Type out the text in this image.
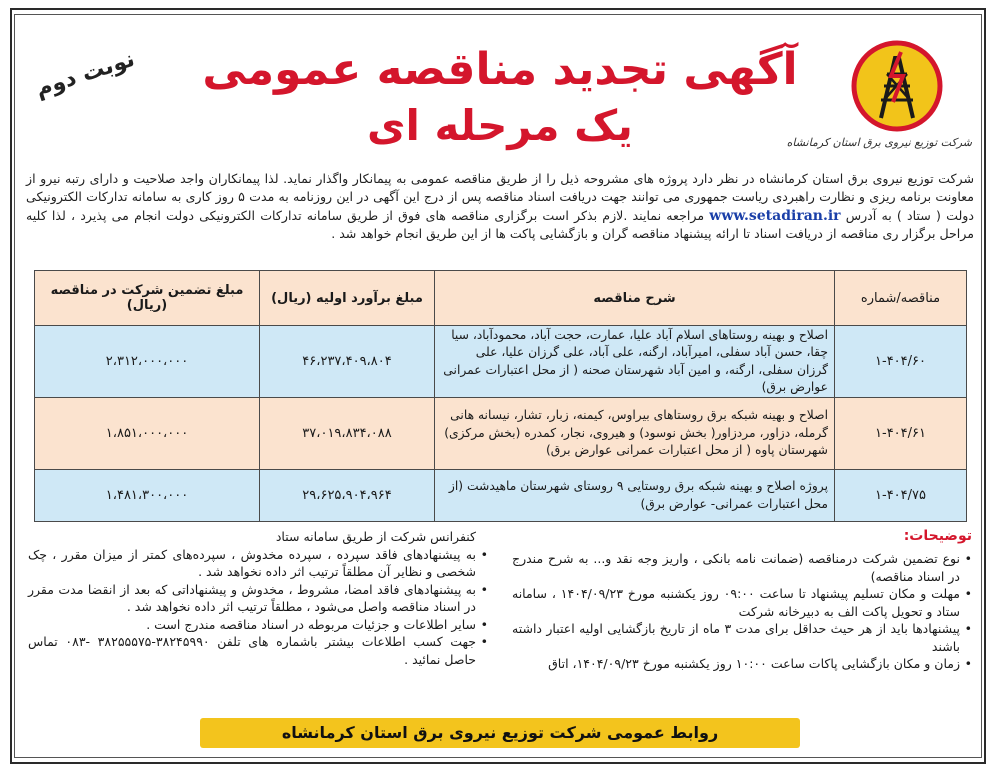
شرکت توزیع نیروی برق استان کرمانشاه
آگهی تجدید مناقصه عمومی
یک مرحله ای
نوبت دوم
شرکت توزیع نیروی برق استان کرمانشاه در نظر دارد پروژه های مشروحه ذیل را از طریق مناقصه عمومی به پیمانکار واگذار نماید. لذا پیمانکاران واجد صلاحیت و دارای رتبه نیرو از معاونت برنامه ریزی و نظارت راهبردی ریاست جمهوری می توانند جهت دریافت اسناد مناقصه پس از درج این آگهی در این روزنامه به مدت ۵ روز کاری به سامانه تدارکات الکترونیکی دولت ( ستاد ) به آدرس www.setadiran.ir مراجعه نمایند .لازم بذکر است برگزاری مناقصه های فوق از طریق سامانه تدارکات الکترونیکی دولت انجام می پذیرد ، لذا کلیه مراحل برگزار ری مناقصه از دریافت اسناد تا ارائه پیشنهاد مناقصه گران و بازگشایی پاکت ها از این طریق انجام خواهد شد .
مناقصه/شماره	شرح مناقصه	مبلغ برآورد اولیه (ریال)	مبلغ تضمین شرکت در مناقصه (ریال)
۱-۴۰۴/۶۰	اصلاح و بهینه روستاهای اسلام آباد علیا، عمارت، حجت آباد، محمودآباد، سیا چقا، حسن آباد سفلی، امیرآباد، ارگنه، علی آباد، علی گرزان علیا، علی گرزان سفلی، ارگنه، و امین آباد شهرستان صحنه ( از محل اعتبارات عمرانی عوارض برق)	۴۶،۲۳۷،۴۰۹،۸۰۴	۲،۳۱۲،۰۰۰،۰۰۰
۱-۴۰۴/۶۱	اصلاح و بهینه شبکه برق روستاهای بیراوس، کیمنه، زبار، تشار، نیسانه هانی گرمله، دزاور، مردزاور( بخش نوسود) و هیروی، نجار، کمدره (بخش مرکزی) شهرستان پاوه ( از محل اعتبارات عمرانی عوارض برق)	۳۷،۰۱۹،۸۳۴،۰۸۸	۱،۸۵۱،۰۰۰،۰۰۰
۱-۴۰۴/۷۵	پروژه اصلاح و بهینه شبکه برق روستایی ۹ روستای شهرستان ماهیدشت (از محل اعتبارات عمرانی- عوارض برق)	۲۹،۶۲۵،۹۰۴،۹۶۴	۱،۴۸۱،۳۰۰،۰۰۰
توضیحات:
• نوع تضمین شرکت درمناقصه (ضمانت نامه بانکی ، واریز وجه نقد و... به شرح مندرج در اسناد مناقصه)
• مهلت و مکان تسلیم پیشنهاد تا ساعت ۰۹:۰۰ روز یکشنبه مورخ ۱۴۰۴/۰۹/۲۳ ، سامانه ستاد و تحویل پاکت الف به دبیرخانه شرکت
• پیشنهادها باید از هر حیث حداقل برای مدت ۳ ماه از تاریخ بازگشایی اولیه اعتبار داشته باشند
• زمان و مکان بازگشایی پاکات ساعت ۱۰:۰۰ روز یکشنبه مورخ ۱۴۰۴/۰۹/۲۳، اتاق
کنفرانس شرکت از طریق سامانه ستاد
• به پیشنهادهای فاقد سپرده ، سپرده مخدوش ، سپرده‌های کمتر از میزان مقرر ، چک شخصی و نظایر آن مطلقاً ترتیب اثر داده نخواهد شد .
• به پیشنهادهای فاقد امضا، مشروط ، مخدوش و پیشنهاداتی که بعد از انقضا مدت مقرر در اسناد مناقصه واصل می‌شود ، مطلقاً ترتیب اثر داده نخواهد شد .
• سایر اطلاعات و جزئیات مربوطه در اسناد مناقصه مندرج است .
• جهت کسب اطلاعات بیشتر باشماره های تلفن ۳۸۲۴۵۹۹۰-۳۸۲۵۵۵۷۵ -۰۸۳ تماس حاصل نمائید .
روابط عمومی شرکت توزیع نیروی برق استان کرمانشاه
